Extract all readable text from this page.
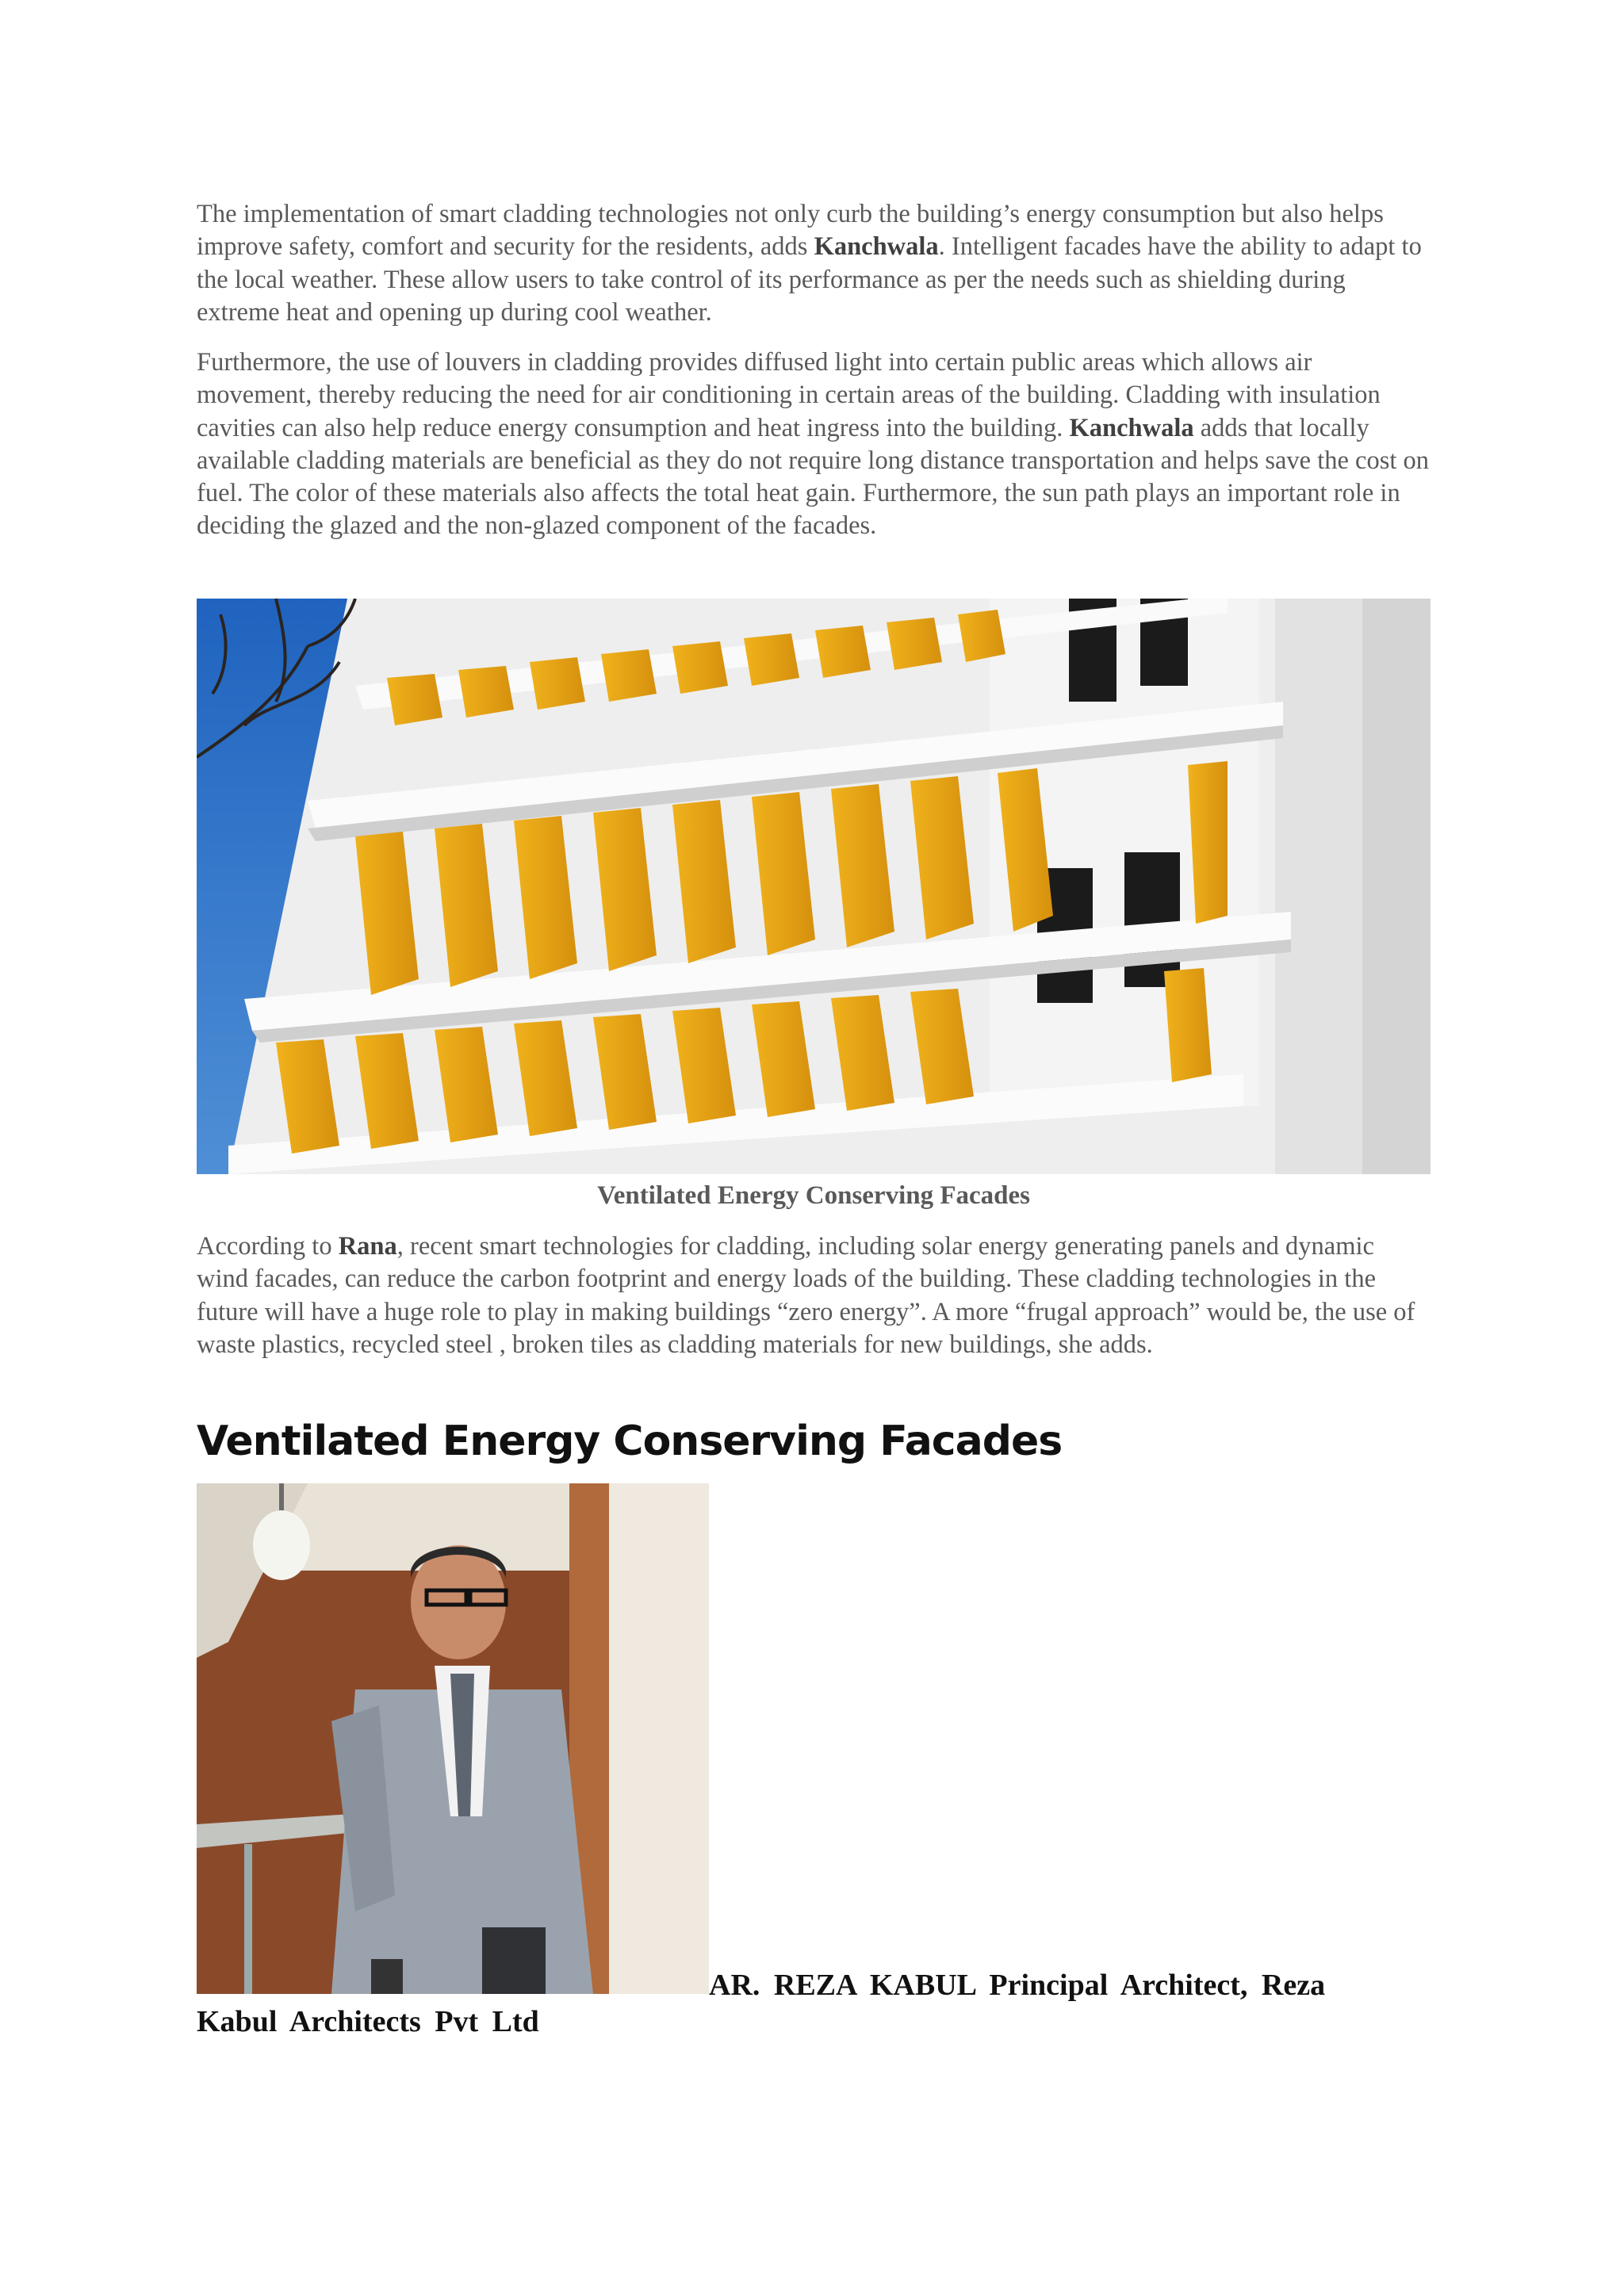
The implementation of smart cladding technologies not only curb the building’s energy consumption but also helps improve safety, comfort and security for the residents, adds Kanchwala. Intelligent facades have the ability to adapt to the local weather. These allow users to take control of its performance as per the needs such as shielding during extreme heat and opening up during cool weather.

Furthermore, the use of louvers in cladding provides diffused light into certain public areas which allows air movement, thereby reducing the need for air conditioning in certain areas of the building. Cladding with insulation cavities can also help reduce energy consumption and heat ingress into the building. Kanchwala adds that locally available cladding materials are beneficial as they do not require long distance transportation and helps save the cost on fuel. The color of these materials also affects the total heat gain. Furthermore, the sun path plays an important role in deciding the glazed and the non-glazed component of the facades.

Ventilated Energy Conserving Facades

According to Rana, recent smart technologies for cladding, including solar energy generating panels and dynamic wind facades, can reduce the carbon footprint and energy loads of the building. These cladding technologies in the future will have a huge role to play in making buildings “zero energy”. A more “frugal approach” would be, the use of waste plastics, recycled steel , broken tiles as cladding materials for new buildings, she adds.

Ventilated Energy Conserving Facades
AR. REZA KABUL Principal Architect, Reza
Kabul Architects Pvt Ltd
